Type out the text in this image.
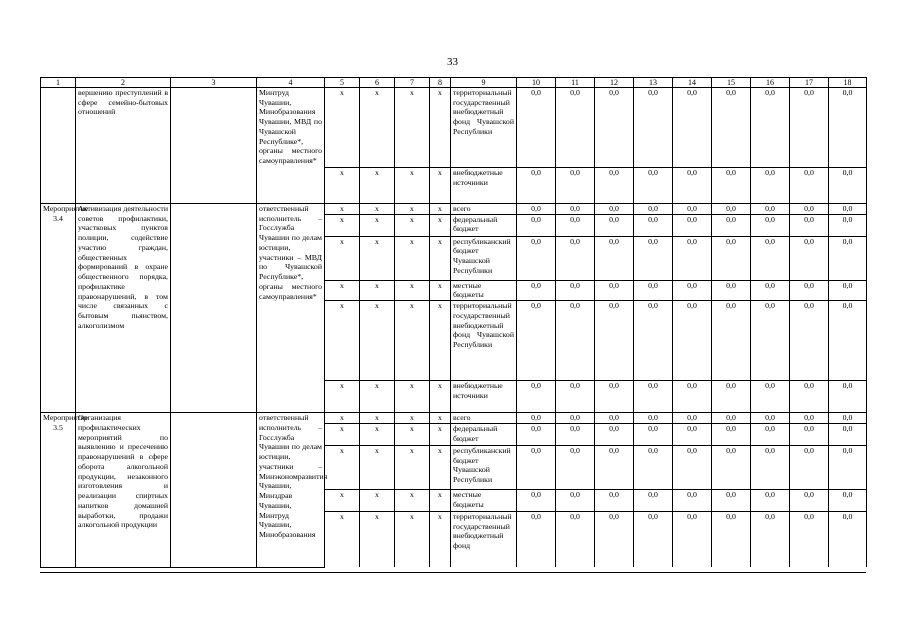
33
1	2	3	4	5	6	7	8	9	10	11	12	13	14	15	16	17	18
	вершению преступлений в сфере семейно-бытовых отношений		Минтруд Чувашии, Минобразования Чувашии, МВД по Чувашской Республике*, органы местного самоуправления*	x	x	x	x	территориальный государственный внебюджетный фонд Чувашской Республики	0,0	0,0	0,0	0,0	0,0	0,0	0,0	0,0	0,0
				x	x	x	x	внебюджетные источники	0,0	0,0	0,0	0,0	0,0	0,0	0,0	0,0	0,0
Мероприятие 3.4	Активизация деятельности советов профилактики, участковых пунктов полиции, содействие участию граждан, общественных формирований в охране общественного порядка, профилактике правонарушений, в том числе связанных с бытовым пьянством, алкоголизмом		ответственный исполнитель – Госслужба Чувашии по делам юстиции, участники – МВД по Чувашской Республике*, органы местного самоуправления*	x	x	x	x	всего	0,0	0,0	0,0	0,0	0,0	0,0	0,0	0,0	0,0
				x	x	x	x	федеральный бюджет	0,0	0,0	0,0	0,0	0,0	0,0	0,0	0,0	0,0
				x	x	x	x	республиканский бюджет Чувашской Республики	0,0	0,0	0,0	0,0	0,0	0,0	0,0	0,0	0,0
				x	x	x	x	местные бюджеты	0,0	0,0	0,0	0,0	0,0	0,0	0,0	0,0	0,0
				x	x	x	x	территориальный государственный внебюджетный фонд Чувашской Республики	0,0	0,0	0,0	0,0	0,0	0,0	0,0	0,0	0,0
				x	x	x	x	внебюджетные источники	0,0	0,0	0,0	0,0	0,0	0,0	0,0	0,0	0,0
Мероприятие 3.5	Организация профилактических мероприятий по выявлению и пресечению правонарушений в сфере оборота алкогольной продукции, незаконного изготовления и реализации спиртных напитков домашней выработки, продажи алкогольной продукции		ответственный исполнитель – Госслужба Чувашии по делам юстиции, участники – Минэкономразвития Чувашии, Минздрав Чувашии, Минтруд Чувашии, Минобразования	x	x	x	x	всего	0,0	0,0	0,0	0,0	0,0	0,0	0,0	0,0	0,0
				x	x	x	x	федеральный бюджет	0,0	0,0	0,0	0,0	0,0	0,0	0,0	0,0	0,0
				x	x	x	x	республиканский бюджет Чувашской Республики	0,0	0,0	0,0	0,0	0,0	0,0	0,0	0,0	0,0
				x	x	x	x	местные бюджеты	0,0	0,0	0,0	0,0	0,0	0,0	0,0	0,0	0,0
				x	x	x	x	территориальный государственный внебюджетный фонд	0,0	0,0	0,0	0,0	0,0	0,0	0,0	0,0	0,0
